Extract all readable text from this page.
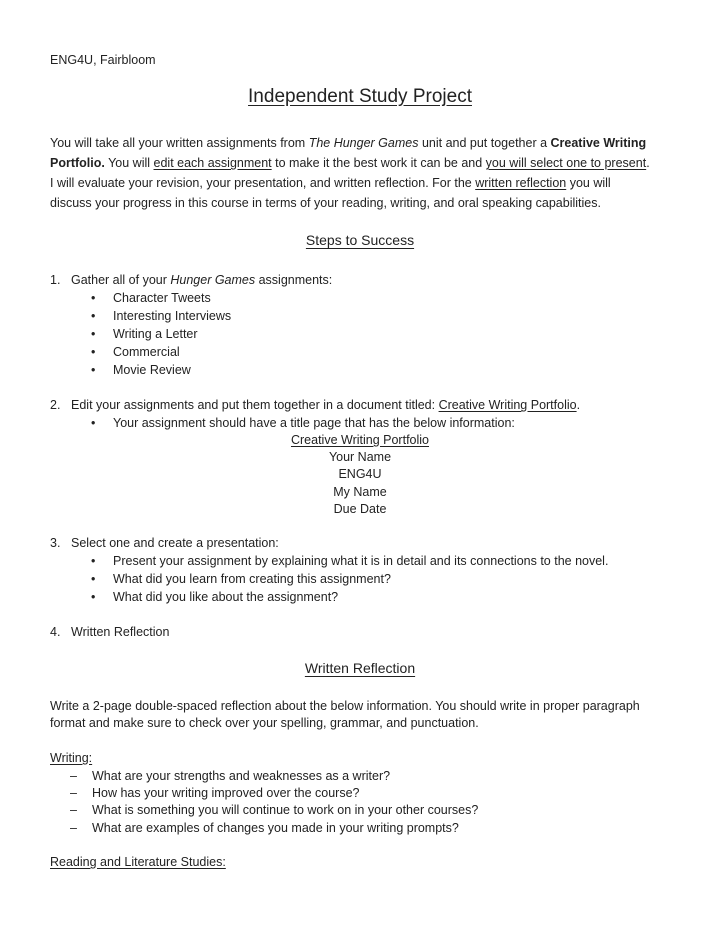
ENG4U, Fairbloom
Independent Study Project
You will take all your written assignments from The Hunger Games unit and put together a Creative Writing
Portfolio. You will edit each assignment to make it the best work it can be and you will select one to present.
I will evaluate your revision, your presentation, and written reflection. For the written reflection you will
discuss your progress in this course in terms of your reading, writing, and oral speaking capabilities.
Steps to Success
1. Gather all of your Hunger Games assignments:
• Character Tweets
• Interesting Interviews
• Writing a Letter
• Commercial
• Movie Review
2. Edit your assignments and put them together in a document titled: Creative Writing Portfolio.
• Your assignment should have a title page that has the below information:
Creative Writing Portfolio
Your Name
ENG4U
My Name
Due Date
3. Select one and create a presentation:
• Present your assignment by explaining what it is in detail and its connections to the novel.
• What did you learn from creating this assignment?
• What did you like about the assignment?
4. Written Reflection
Written Reflection
Write a 2-page double-spaced reflection about the below information. You should write in proper paragraph
format and make sure to check over your spelling, grammar, and punctuation.
Writing:
– What are your strengths and weaknesses as a writer?
– How has your writing improved over the course?
– What is something you will continue to work on in your other courses?
– What are examples of changes you made in your writing prompts?
Reading and Literature Studies:
